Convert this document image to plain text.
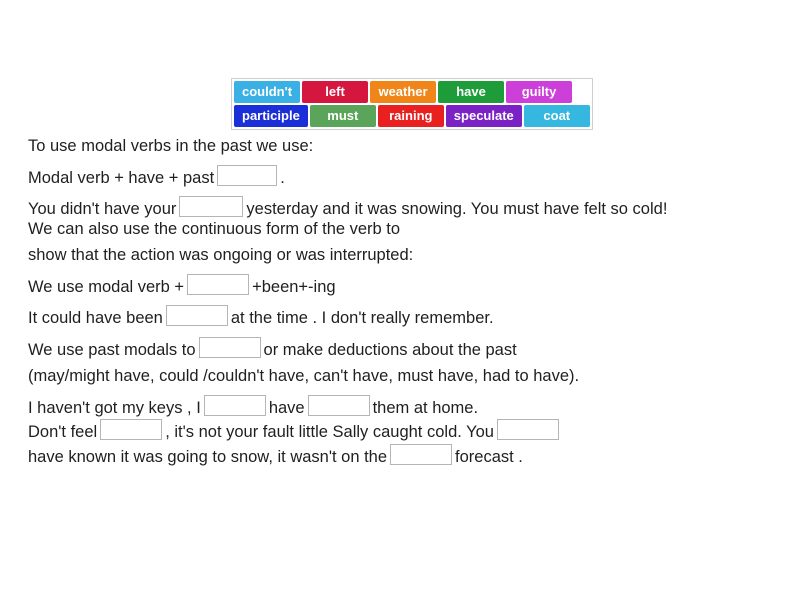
couldn't	left	weather	have	guilty
participle	must	raining	speculate	coat
To use modal verbs in the past we use:
Modal verb + have + past	.
You didn't have your	yesterday and it was snowing. You must have felt so cold!
We can also use the continuous form of the verb to
show that the action was ongoing or was interrupted:
We use modal verb +	+been+-ing
It could have been	at the time . I don't really remember.
We use past modals to	or make deductions about the past
(may/might have, could /couldn't have, can't have, must have, had to have).
I haven't got my keys , I	have	them at home.
Don't feel	, it's not your fault little Sally caught cold. You
have known it was going to snow, it wasn't on the	forecast .
